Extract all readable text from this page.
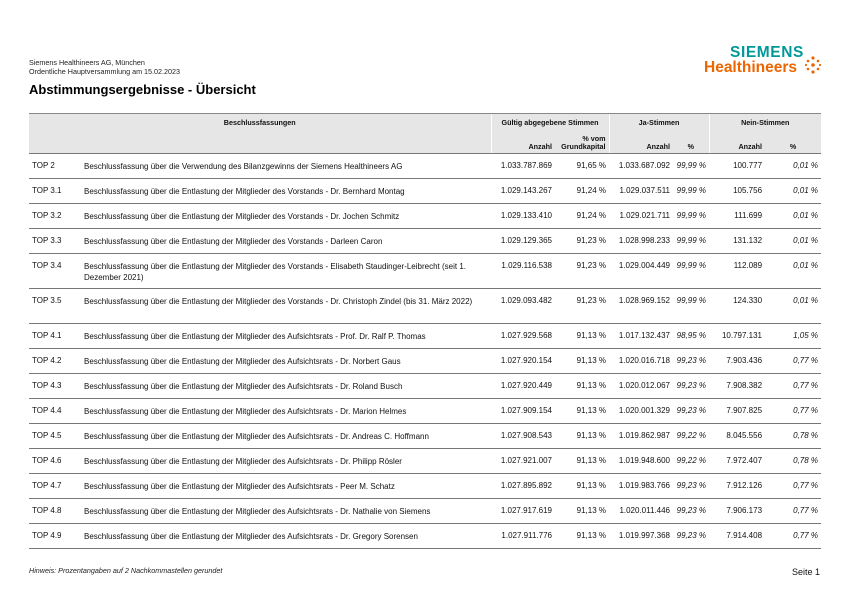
Siemens Healthineers AG, München
Ordentliche Hauptversammlung am 15.02.2023
SIEMENS
Healthineers
Abstimmungsergebnisse - Übersicht
Beschlussfassungen		Gültig abgegebene Stimmen		Ja-Stimmen		Nein-Stimmen	
		Anzahl	% vom Grundkapital	Anzahl	%	Anzahl	%
TOP 2	Beschlussfassung über die Verwendung des Bilanzgewinns der Siemens Healthineers AG	1.033.787.869	91,65 %	1.033.687.092	99,99 %	100.777	0,01 %
TOP 3.1	Beschlussfassung über die Entlastung der Mitglieder des Vorstands - Dr. Bernhard Montag	1.029.143.267	91,24 %	1.029.037.511	99,99 %	105.756	0,01 %
TOP 3.2	Beschlussfassung über die Entlastung der Mitglieder des Vorstands - Dr. Jochen Schmitz	1.029.133.410	91,24 %	1.029.021.711	99,99 %	111.699	0,01 %
TOP 3.3	Beschlussfassung über die Entlastung der Mitglieder des Vorstands - Darleen Caron	1.029.129.365	91,23 %	1.028.998.233	99,99 %	131.132	0,01 %
TOP 3.4	Beschlussfassung über die Entlastung der Mitglieder des Vorstands - Elisabeth Staudinger-Leibrecht (seit 1. Dezember 2021)	1.029.116.538	91,23 %	1.029.004.449	99,99 %	112.089	0,01 %
TOP 3.5	Beschlussfassung über die Entlastung der Mitglieder des Vorstands - Dr. Christoph Zindel (bis 31. März 2022)	1.029.093.482	91,23 %	1.028.969.152	99,99 %	124.330	0,01 %
TOP 4.1	Beschlussfassung über die Entlastung der Mitglieder des Aufsichtsrats - Prof. Dr. Ralf P. Thomas	1.027.929.568	91,13 %	1.017.132.437	98,95 %	10.797.131	1,05 %
TOP 4.2	Beschlussfassung über die Entlastung der Mitglieder des Aufsichtsrats - Dr. Norbert Gaus	1.027.920.154	91,13 %	1.020.016.718	99,23 %	7.903.436	0,77 %
TOP 4.3	Beschlussfassung über die Entlastung der Mitglieder des Aufsichtsrats - Dr. Roland Busch	1.027.920.449	91,13 %	1.020.012.067	99,23 %	7.908.382	0,77 %
TOP 4.4	Beschlussfassung über die Entlastung der Mitglieder des Aufsichtsrats - Dr. Marion Helmes	1.027.909.154	91,13 %	1.020.001.329	99,23 %	7.907.825	0,77 %
TOP 4.5	Beschlussfassung über die Entlastung der Mitglieder des Aufsichtsrats - Dr. Andreas C. Hoffmann	1.027.908.543	91,13 %	1.019.862.987	99,22 %	8.045.556	0,78 %
TOP 4.6	Beschlussfassung über die Entlastung der Mitglieder des Aufsichtsrats - Dr. Philipp Rösler	1.027.921.007	91,13 %	1.019.948.600	99,22 %	7.972.407	0,78 %
TOP 4.7	Beschlussfassung über die Entlastung der Mitglieder des Aufsichtsrats - Peer M. Schatz	1.027.895.892	91,13 %	1.019.983.766	99,23 %	7.912.126	0,77 %
TOP 4.8	Beschlussfassung über die Entlastung der Mitglieder des Aufsichtsrats - Dr. Nathalie von Siemens	1.027.917.619	91,13 %	1.020.011.446	99,23 %	7.906.173	0,77 %
TOP 4.9	Beschlussfassung über die Entlastung der Mitglieder des Aufsichtsrats - Dr. Gregory Sorensen	1.027.911.776	91,13 %	1.019.997.368	99,23 %	7.914.408	0,77 %
Hinweis: Prozentangaben auf 2 Nachkommastellen gerundet	Seite 1
